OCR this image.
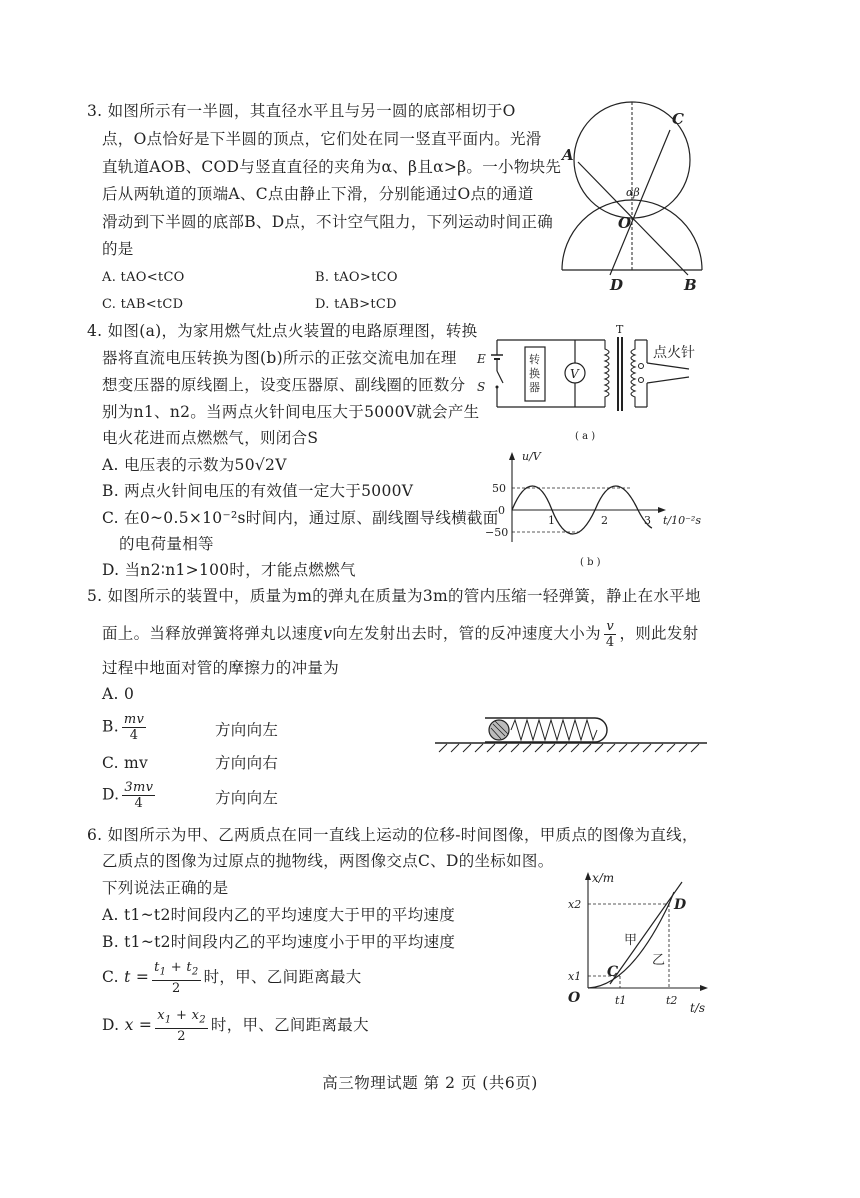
3. 如图所示有一半圆，其直径水平且与另一圆的底部相切于O
点，O点恰好是下半圆的顶点，它们处在同一竖直平面内。光滑
直轨道AOB、COD与竖直直径的夹角为α、β且α>β。一小物块先
后从两轨道的顶端A、C点由静止下滑，分别能通过O点的通道
滑动到下半圆的底部B、D点，不计空气阻力，下列运动时间正确
的是
A. tAO<tCO	B. tAO>tCO
C. tAB<tCD	D. tAB>tCD
A
C
αβ
O
D	B
4. 如图(a)，为家用燃气灶点火装置的电路原理图，转换
器将直流电压转换为图(b)所示的正弦交流电加在理
想变压器的原线圈上，设变压器原、副线圈的匝数分
别为n1、n2。当两点火针间电压大于5000V就会产生
电火花进而点燃燃气，则闭合S
A. 电压表的示数为50√2V
B. 两点火针间电压的有效值一定大于5000V
C. 在0~0.5×10⁻²s时间内，通过原、副线圈导线横截面
的电荷量相等
D. 当n2∶n1>100时，才能点燃燃气
E
S
转
换
器
V
T
点火针
( a )
u/V
t/10⁻²s
50
0
−50
1	2	3
( b )
5. 如图所示的装置中，质量为m的弹丸在质量为3m的管内压缩一轻弹簧，静止在水平地
面上。当释放弹簧将弹丸以速度v向左发射出去时，管的反冲速度大小为 $\frac{v}{4}$ ，则此发射
过程中地面对管的摩擦力的冲量为
A. 0
B. $\frac{mv}{4}$	方向向左
C. mv	方向向右
D. $\frac{3mv}{4}$	方向向左
6. 如图所示为甲、乙两质点在同一直线上运动的位移-时间图像，甲质点的图像为直线，
乙质点的图像为过原点的抛物线，两图像交点C、D的坐标如图。
下列说法正确的是
A. t1~t2时间段内乙的平均速度大于甲的平均速度
B. t1~t2时间段内乙的平均速度小于甲的平均速度
C. $t = \frac{t_1 + t_2}{2}$ 时，甲、乙间距离最大
D. $x = \frac{x_1 + x_2}{2}$ 时，甲、乙间距离最大
x/m
t/s
x2
x1
t1	t2
O
C
D
甲
乙
高三物理试题 第 2 页 (共6页)
